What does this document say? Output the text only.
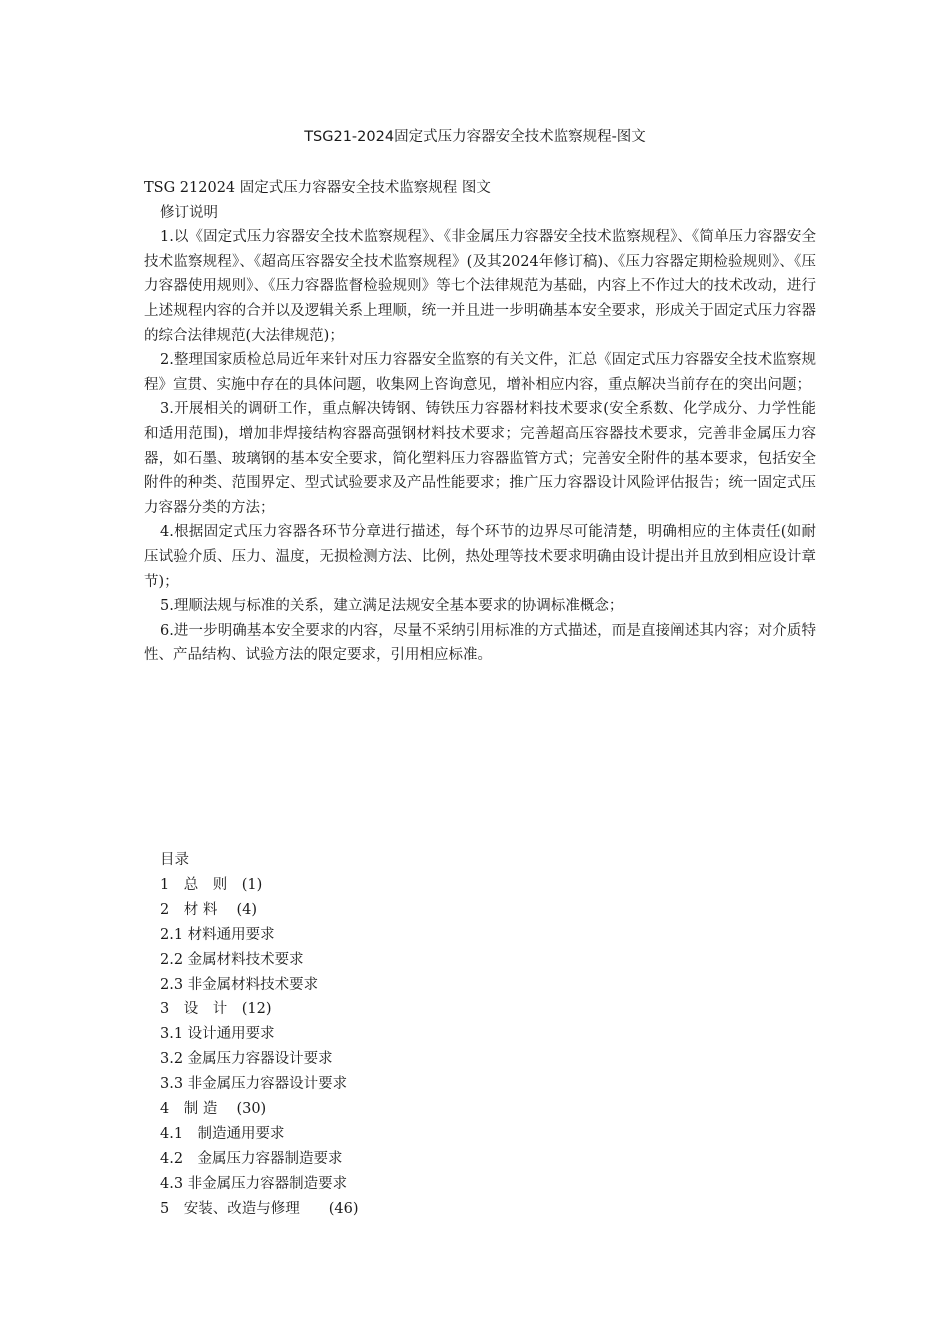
TSG21-2024固定式压力容器安全技术监察规程-图文

TSG 212024 固定式压力容器安全技术监察规程 图文

修订说明

1.以《固定式压力容器安全技术监察规程》、《非金属压力容器安全技术监察规程》、《简单压力容器安全技术监察规程》、《超高压容器安全技术监察规程》(及其2024年修订稿)、《压力容器定期检验规则》、《压力容器使用规则》、《压力容器监督检验规则》等七个法律规范为基础，内容上不作过大的技术改动，进行上述规程内容的合并以及逻辑关系上理顺，统一并且进一步明确基本安全要求，形成关于固定式压力容器的综合法律规范(大法律规范)；

2.整理国家质检总局近年来针对压力容器安全监察的有关文件，汇总《固定式压力容器安全技术监察规程》宣贯、实施中存在的具体问题，收集网上咨询意见，增补相应内容，重点解决当前存在的突出问题；

3.开展相关的调研工作，重点解决铸钢、铸铁压力容器材料技术要求(安全系数、化学成分、力学性能和适用范围)，增加非焊接结构容器高强钢材料技术要求；完善超高压容器技术要求，完善非金属压力容器，如石墨、玻璃钢的基本安全要求，简化塑料压力容器监管方式；完善安全附件的基本要求，包括安全附件的种类、范围界定、型式试验要求及产品性能要求；推广压力容器设计风险评估报告；统一固定式压力容器分类的方法；

4.根据固定式压力容器各环节分章进行描述，每个环节的边界尽可能清楚，明确相应的主体责任(如耐压试验介质、压力、温度，无损检测方法、比例，热处理等技术要求明确由设计提出并且放到相应设计章节)；

5.理顺法规与标准的关系，建立满足法规安全基本要求的协调标准概念；

6.进一步明确基本安全要求的内容，尽量不采纳引用标准的方式描述，而是直接阐述其内容；对介质特性、产品结构、试验方法的限定要求，引用相应标准。

目录
1　总　则　(1)
2　材 料　 (4)
2.1 材料通用要求
2.2 金属材料技术要求
2.3 非金属材料技术要求
3　设　计　(12)
3.1 设计通用要求
3.2 金属压力容器设计要求
3.3 非金属压力容器设计要求
4　制 造　 (30)
4.1　制造通用要求
4.2　金属压力容器制造要求
4.3 非金属压力容器制造要求
5　安装、改造与修理　　(46)
